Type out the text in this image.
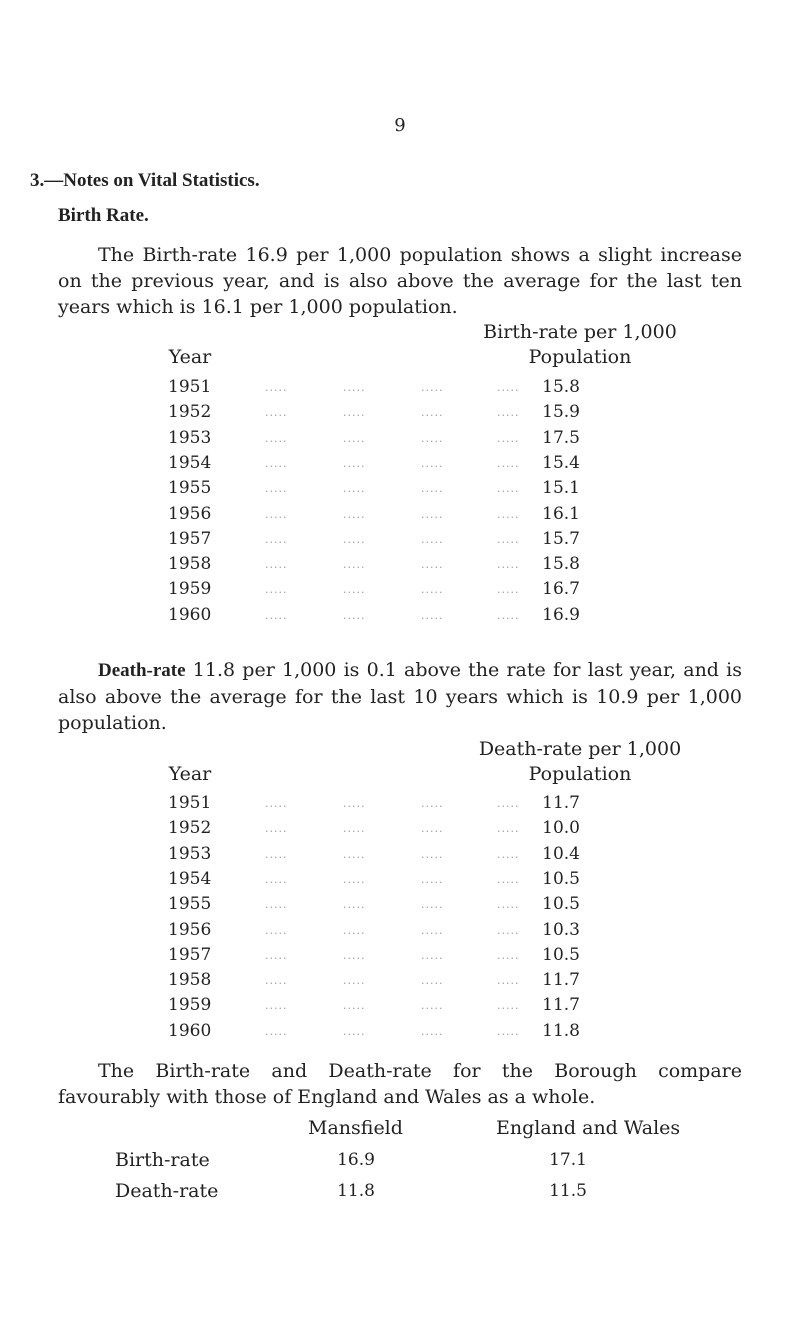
9
3.—Notes on Vital Statistics.
Birth Rate.
The Birth-rate 16.9 per 1,000 population shows a slight increase on the previous year, and is also above the average for the last ten years which is 16.1 per 1,000 population.
Birth-rate per 1,000
Year	Population
1951	.....	.....	.....	.....	15.8
1952	.....	.....	.....	.....	15.9
1953	.....	.....	.....	.....	17.5
1954	.....	.....	.....	.....	15.4
1955	.....	.....	.....	.....	15.1
1956	.....	.....	.....	.....	16.1
1957	.....	.....	.....	.....	15.7
1958	.....	.....	.....	.....	15.8
1959	.....	.....	.....	.....	16.7
1960	.....	.....	.....	.....	16.9
Death-rate 11.8 per 1,000 is 0.1 above the rate for last year, and is also above the average for the last 10 years which is 10.9 per 1,000 population.
Death-rate per 1,000
Year	Population
1951	.....	.....	.....	.....	11.7
1952	.....	.....	.....	.....	10.0
1953	.....	.....	.....	.....	10.4
1954	.....	.....	.....	.....	10.5
1955	.....	.....	.....	.....	10.5
1956	.....	.....	.....	.....	10.3
1957	.....	.....	.....	.....	10.5
1958	.....	.....	.....	.....	11.7
1959	.....	.....	.....	.....	11.7
1960	.....	.....	.....	.....	11.8
The Birth-rate and Death-rate for the Borough compare favourably with those of England and Wales as a whole.
Mansfield	England and Wales
Birth-rate	16.9	17.1
Death-rate	11.8	11.5
